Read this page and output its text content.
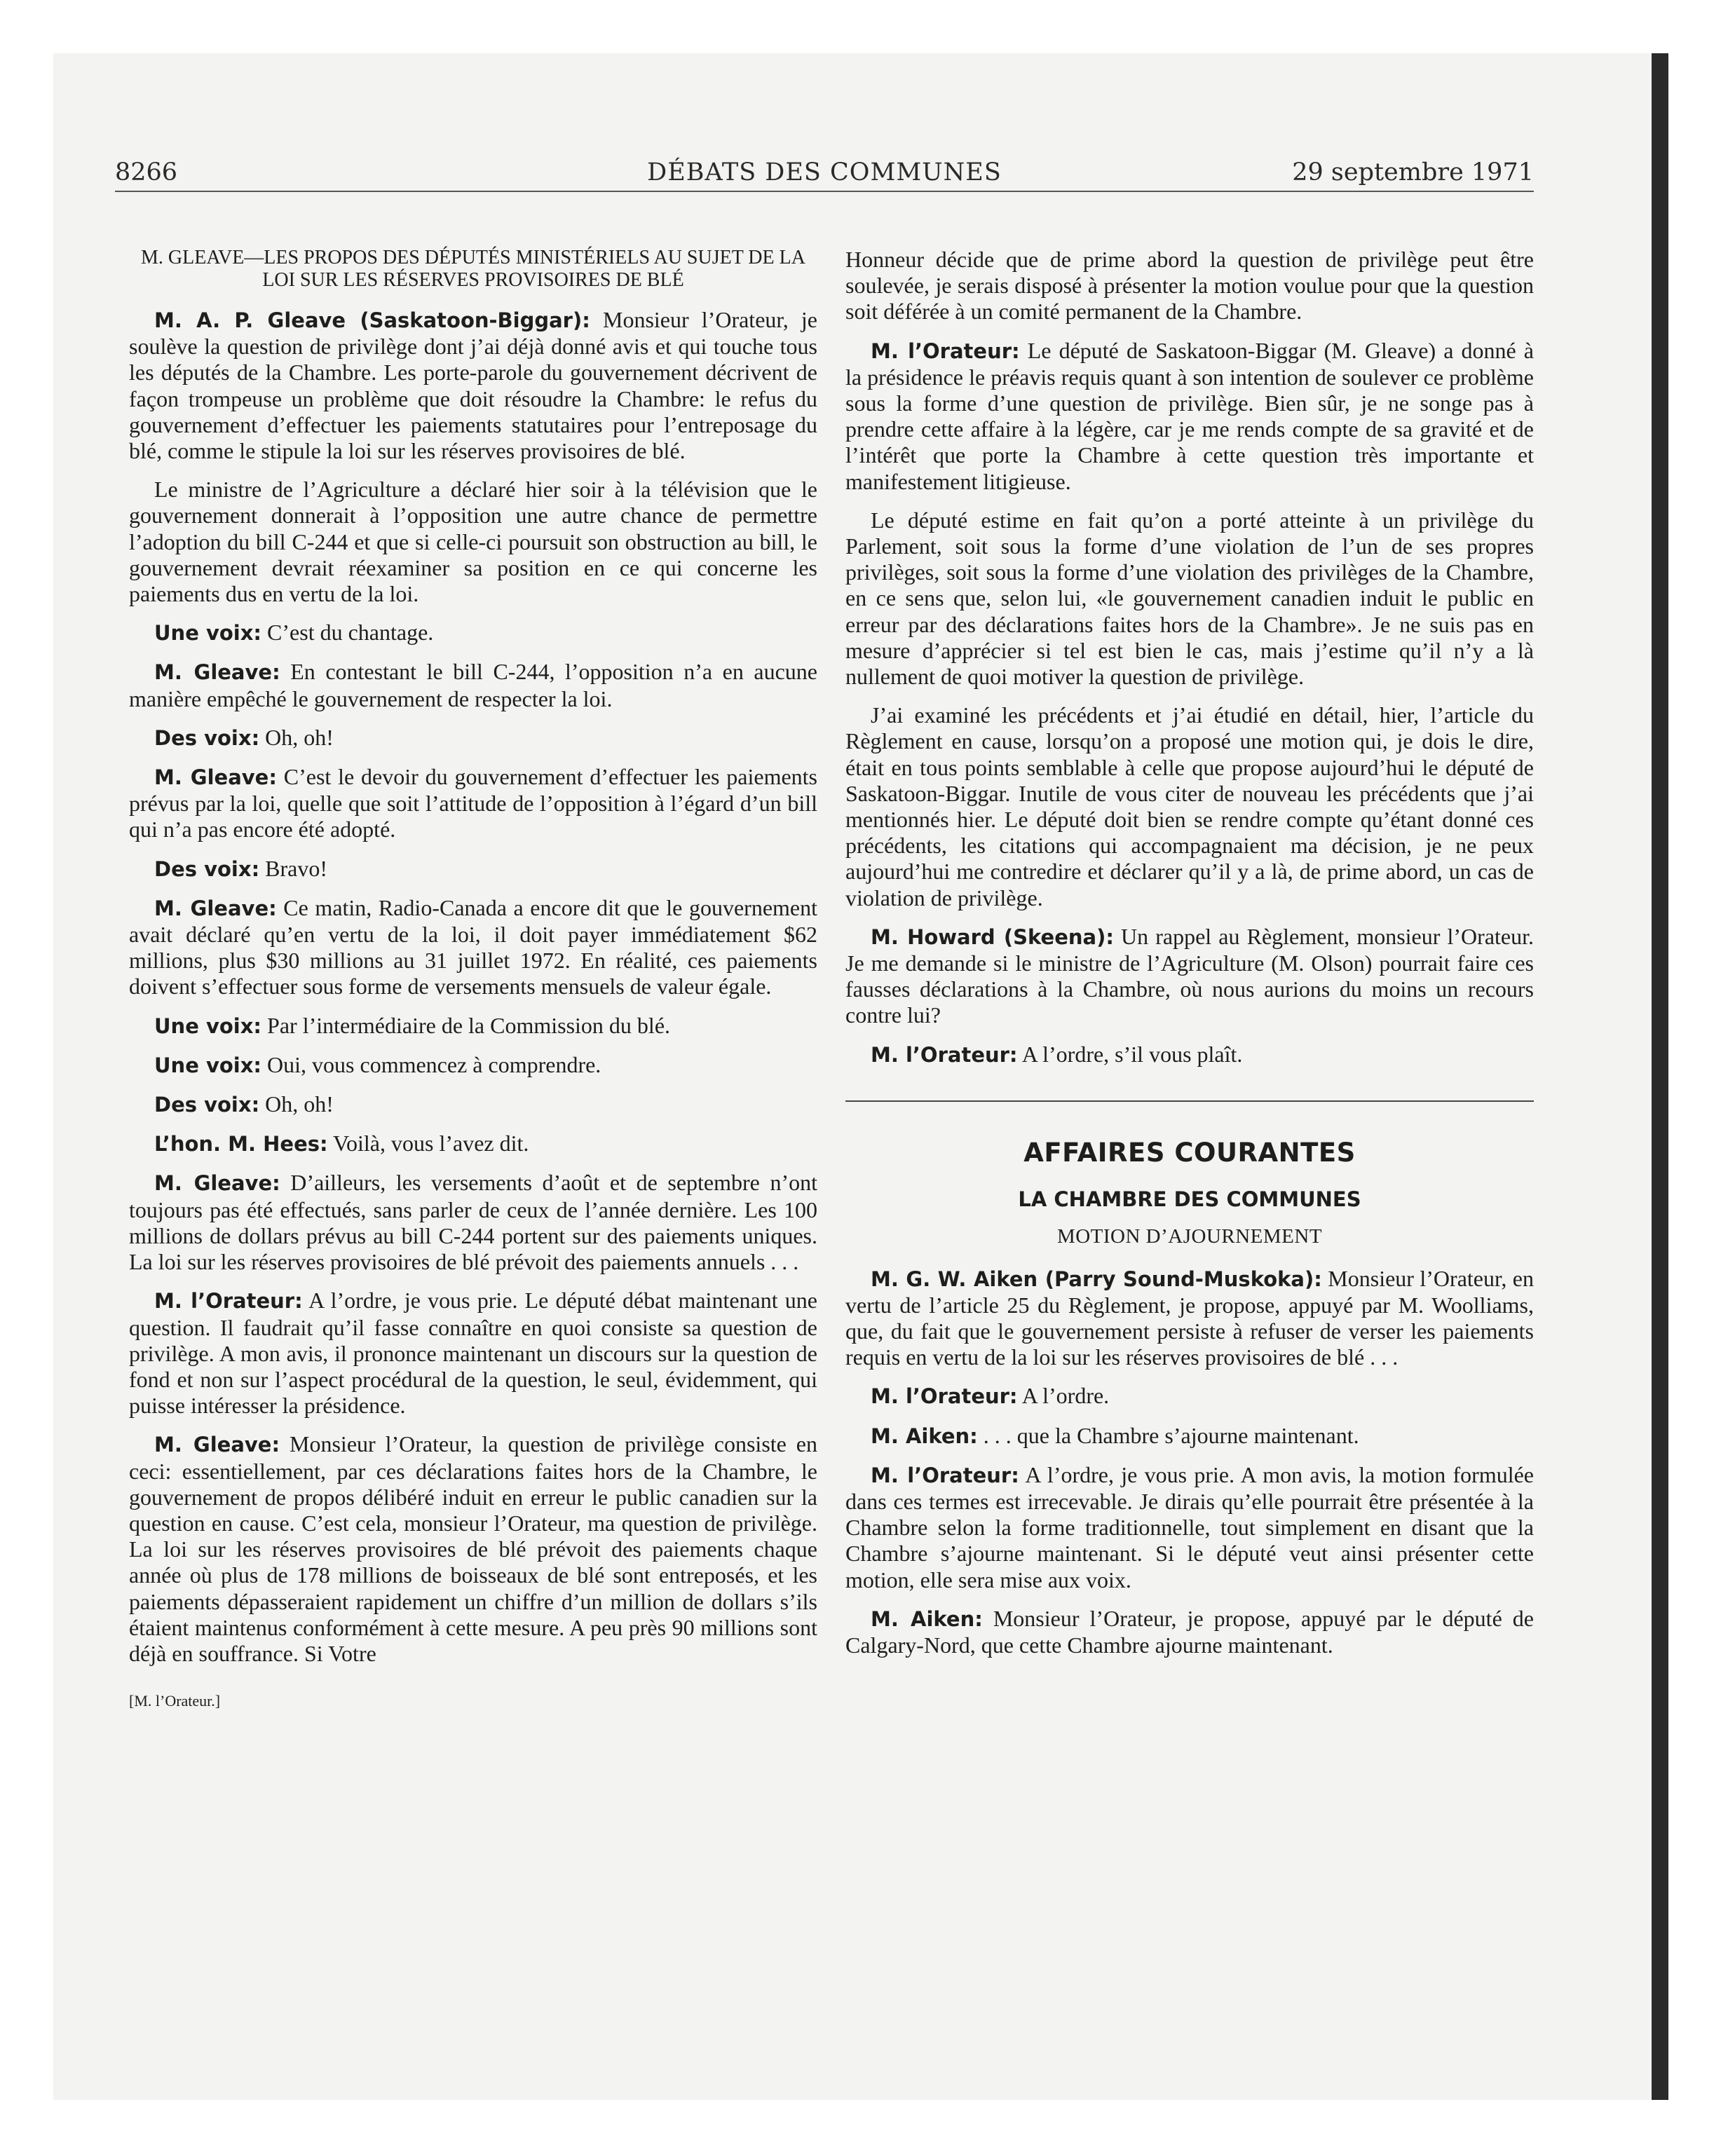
8266	DÉBATS DES COMMUNES	29 septembre 1971
M. GLEAVE—LES PROPOS DES DÉPUTÉS MINISTÉRIELS AU SUJET DE LA LOI SUR LES RÉSERVES PROVISOIRES DE BLÉ

M. A. P. Gleave (Saskatoon-Biggar): Monsieur l’Orateur, je soulève la question de privilège dont j’ai déjà donné avis et qui touche tous les députés de la Chambre. Les porte-parole du gouvernement décrivent de façon trompeuse un problème que doit résoudre la Chambre: le refus du gouvernement d’effectuer les paiements statutaires pour l’entreposage du blé, comme le stipule la loi sur les réserves provisoires de blé.

Le ministre de l’Agriculture a déclaré hier soir à la télévision que le gouvernement donnerait à l’opposition une autre chance de permettre l’adoption du bill C-244 et que si celle-ci poursuit son obstruction au bill, le gouvernement devrait réexaminer sa position en ce qui concerne les paiements dus en vertu de la loi.

Une voix: C’est du chantage.

M. Gleave: En contestant le bill C-244, l’opposition n’a en aucune manière empêché le gouvernement de respecter la loi.

Des voix: Oh, oh!

M. Gleave: C’est le devoir du gouvernement d’effectuer les paiements prévus par la loi, quelle que soit l’attitude de l’opposition à l’égard d’un bill qui n’a pas encore été adopté.

Des voix: Bravo!

M. Gleave: Ce matin, Radio-Canada a encore dit que le gouvernement avait déclaré qu’en vertu de la loi, il doit payer immédiatement $62 millions, plus $30 millions au 31 juillet 1972. En réalité, ces paiements doivent s’effectuer sous forme de versements mensuels de valeur égale.

Une voix: Par l’intermédiaire de la Commission du blé.

Une voix: Oui, vous commencez à comprendre.

Des voix: Oh, oh!

L’hon. M. Hees: Voilà, vous l’avez dit.

M. Gleave: D’ailleurs, les versements d’août et de septembre n’ont toujours pas été effectués, sans parler de ceux de l’année dernière. Les 100 millions de dollars prévus au bill C-244 portent sur des paiements uniques. La loi sur les réserves provisoires de blé prévoit des paiements annuels . . .

M. l’Orateur: A l’ordre, je vous prie. Le député débat maintenant une question. Il faudrait qu’il fasse connaître en quoi consiste sa question de privilège. A mon avis, il prononce maintenant un discours sur la question de fond et non sur l’aspect procédural de la question, le seul, évidemment, qui puisse intéresser la présidence.

M. Gleave: Monsieur l’Orateur, la question de privilège consiste en ceci: essentiellement, par ces déclarations faites hors de la Chambre, le gouvernement de propos délibéré induit en erreur le public canadien sur la question en cause. C’est cela, monsieur l’Orateur, ma question de privilège. La loi sur les réserves provisoires de blé prévoit des paiements chaque année où plus de 178 millions de boisseaux de blé sont entreposés, et les paiements dépasseraient rapidement un chiffre d’un million de dollars s’ils étaient maintenus conformément à cette mesure. A peu près 90 millions sont déjà en souffrance. Si Votre

[M. l’Orateur.]

Honneur décide que de prime abord la question de privilège peut être soulevée, je serais disposé à présenter la motion voulue pour que la question soit déférée à un comité permanent de la Chambre.

M. l’Orateur: Le député de Saskatoon-Biggar (M. Gleave) a donné à la présidence le préavis requis quant à son intention de soulever ce problème sous la forme d’une question de privilège. Bien sûr, je ne songe pas à prendre cette affaire à la légère, car je me rends compte de sa gravité et de l’intérêt que porte la Chambre à cette question très importante et manifestement litigieuse.

Le député estime en fait qu’on a porté atteinte à un privilège du Parlement, soit sous la forme d’une violation de l’un de ses propres privilèges, soit sous la forme d’une violation des privilèges de la Chambre, en ce sens que, selon lui, «le gouvernement canadien induit le public en erreur par des déclarations faites hors de la Chambre». Je ne suis pas en mesure d’apprécier si tel est bien le cas, mais j’estime qu’il n’y a là nullement de quoi motiver la question de privilège.

J’ai examiné les précédents et j’ai étudié en détail, hier, l’article du Règlement en cause, lorsqu’on a proposé une motion qui, je dois le dire, était en tous points semblable à celle que propose aujourd’hui le député de Saskatoon-Biggar. Inutile de vous citer de nouveau les précédents que j’ai mentionnés hier. Le député doit bien se rendre compte qu’étant donné ces précédents, les citations qui accompagnaient ma décision, je ne peux aujourd’hui me contredire et déclarer qu’il y a là, de prime abord, un cas de violation de privilège.

M. Howard (Skeena): Un rappel au Règlement, monsieur l’Orateur. Je me demande si le ministre de l’Agriculture (M. Olson) pourrait faire ces fausses déclarations à la Chambre, où nous aurions du moins un recours contre lui?

M. l’Orateur: A l’ordre, s’il vous plaît.

AFFAIRES COURANTES
LA CHAMBRE DES COMMUNES
MOTION D’AJOURNEMENT

M. G. W. Aiken (Parry Sound-Muskoka): Monsieur l’Orateur, en vertu de l’article 25 du Règlement, je propose, appuyé par M. Woolliams, que, du fait que le gouvernement persiste à refuser de verser les paiements requis en vertu de la loi sur les réserves provisoires de blé . . .

M. l’Orateur: A l’ordre.

M. Aiken: . . . que la Chambre s’ajourne maintenant.

M. l’Orateur: A l’ordre, je vous prie. A mon avis, la motion formulée dans ces termes est irrecevable. Je dirais qu’elle pourrait être présentée à la Chambre selon la forme traditionnelle, tout simplement en disant que la Chambre s’ajourne maintenant. Si le député veut ainsi présenter cette motion, elle sera mise aux voix.

M. Aiken: Monsieur l’Orateur, je propose, appuyé par le député de Calgary-Nord, que cette Chambre ajourne maintenant.
